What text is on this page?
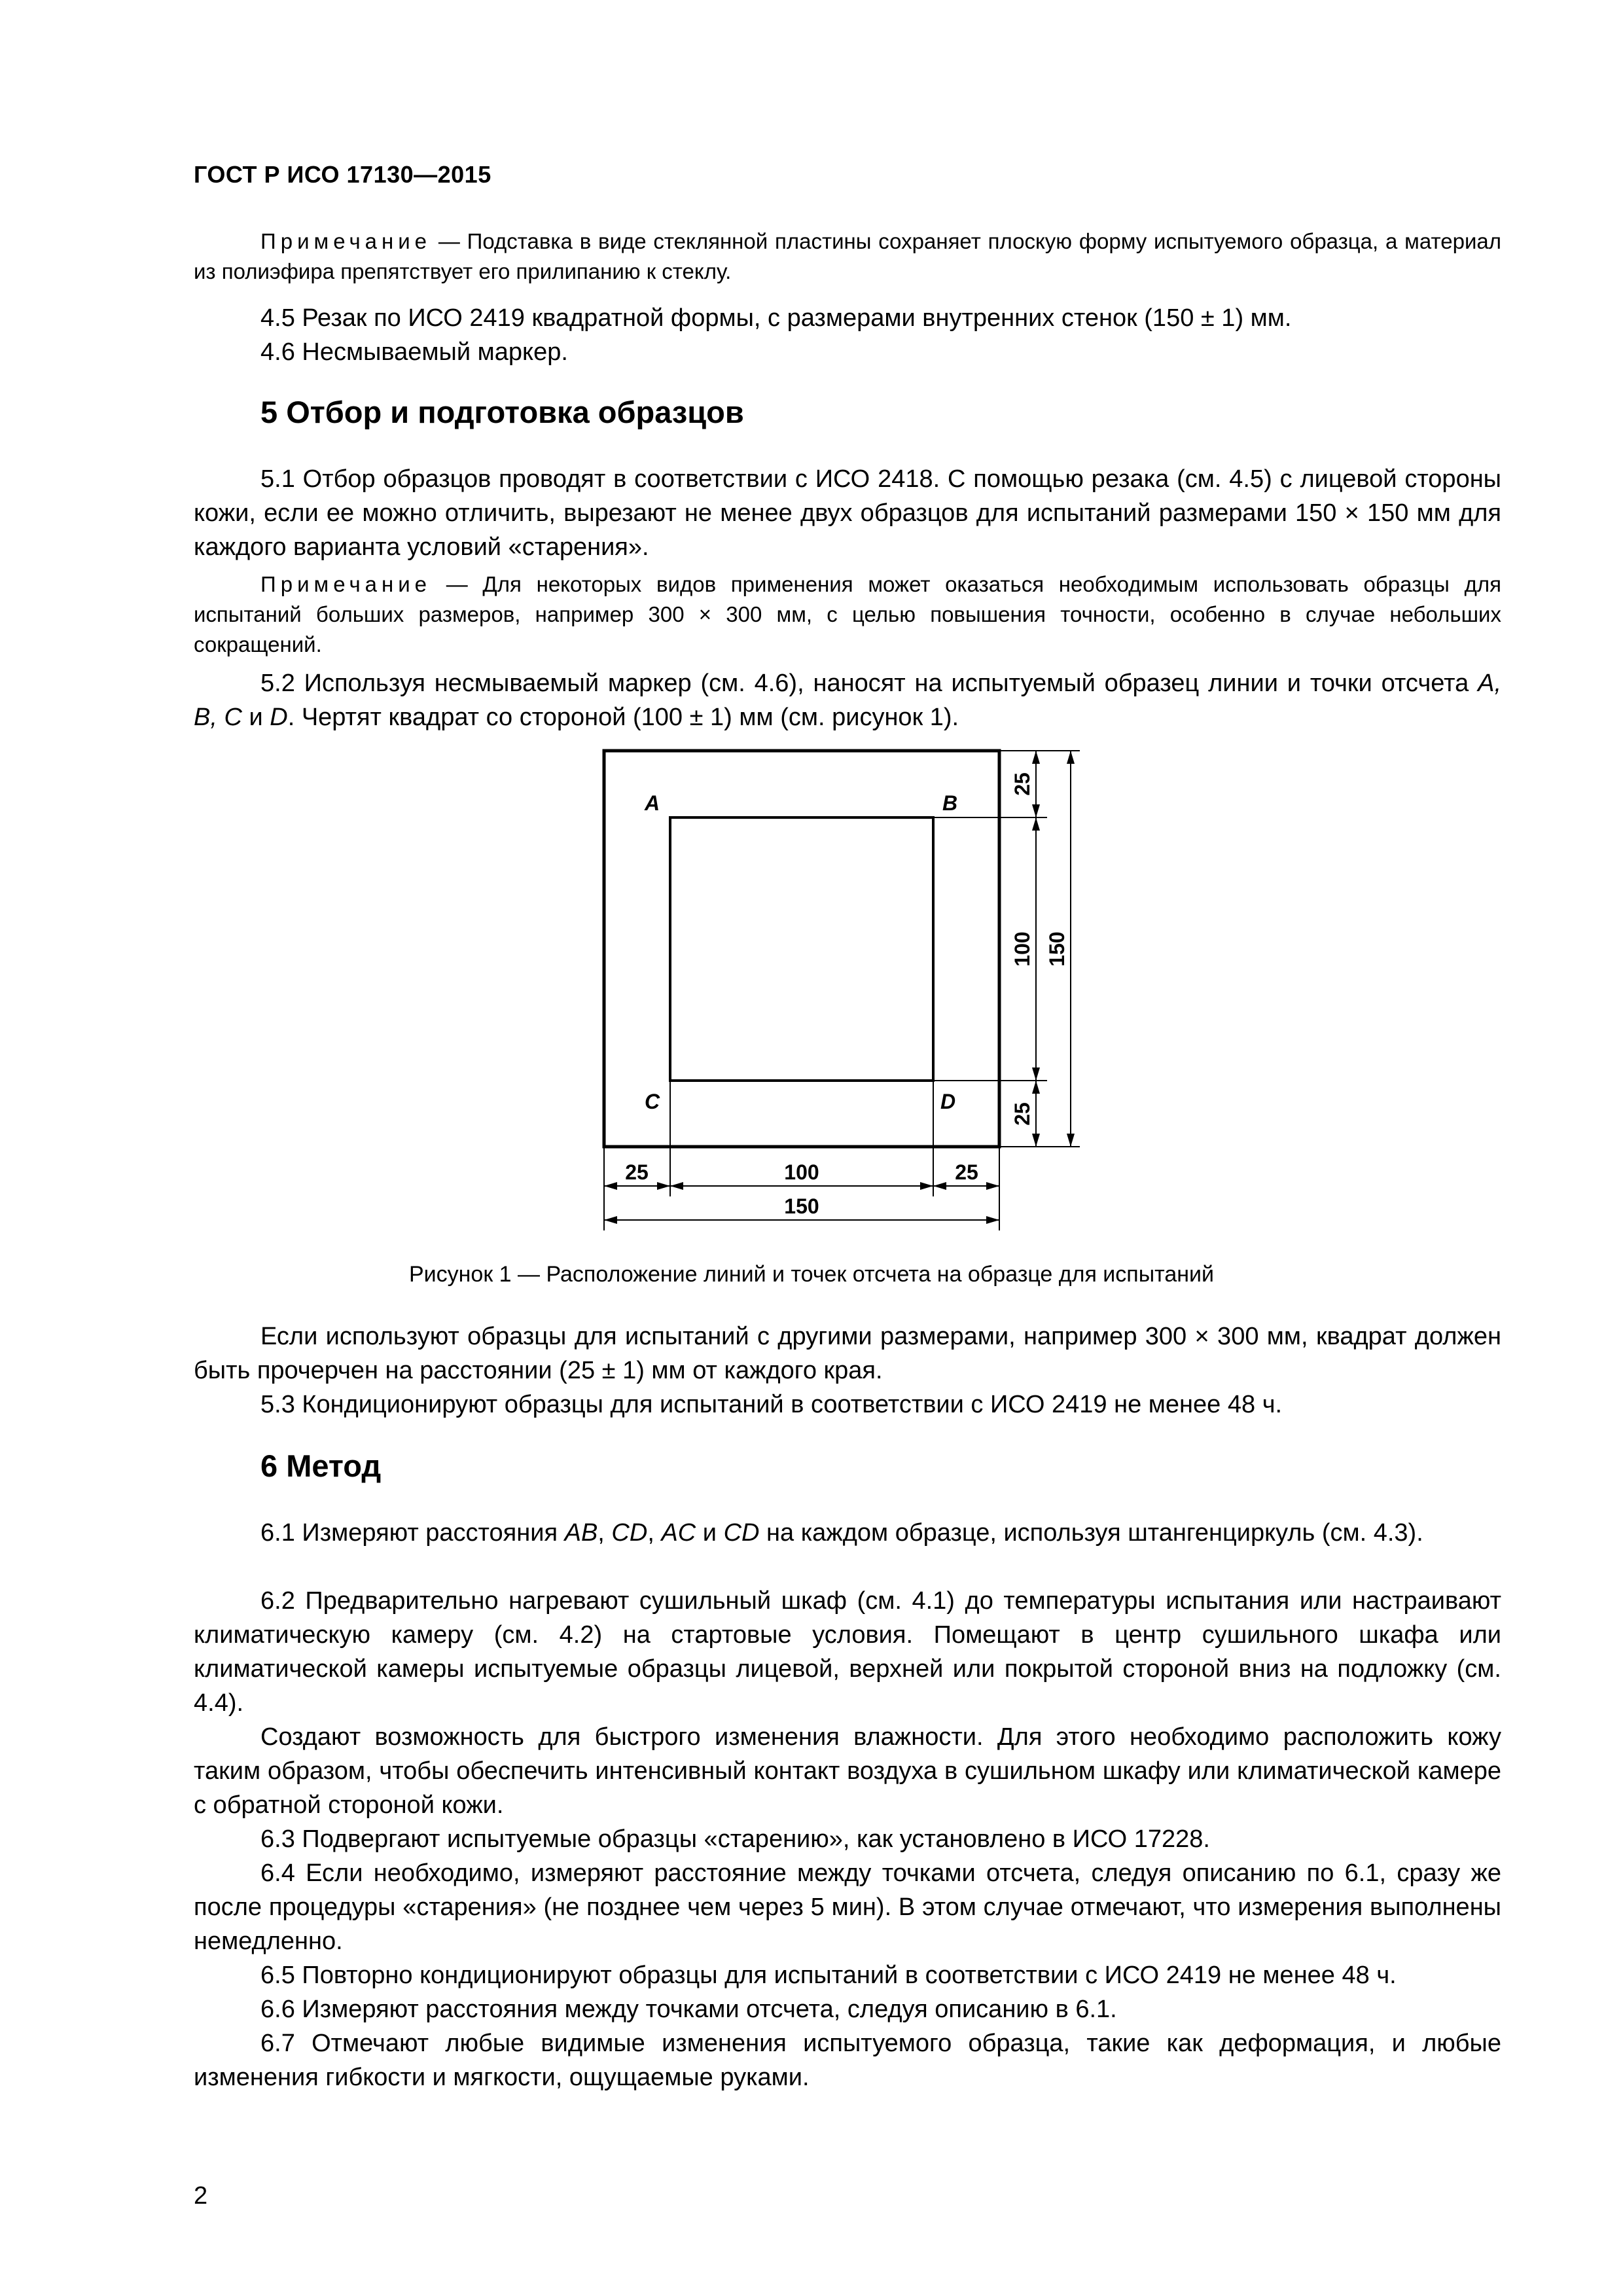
ГОСТ Р ИСО 17130—2015
Примечание — Подставка в виде стеклянной пластины сохраняет плоскую форму испытуемого образца, а материал из полиэфира препятствует его прилипанию к стеклу.
4.5 Резак по ИСО 2419 квадратной формы, с размерами внутренних стенок (150 ± 1) мм.
4.6 Несмываемый маркер.
5 Отбор и подготовка образцов
5.1 Отбор образцов проводят в соответствии с ИСО 2418. С помощью резака (см. 4.5) с лицевой стороны кожи, если ее можно отличить, вырезают не менее двух образцов для испытаний размерами 150 × 150 мм для каждого варианта условий «старения».
Примечание — Для некоторых видов применения может оказаться необходимым использовать образцы для испытаний больших размеров, например 300 × 300 мм, с целью повышения точности, особенно в случае небольших сокращений.
5.2 Используя несмываемый маркер (см. 4.6), наносят на испытуемый образец линии и точки отсчета A, B, C и D. Чертят квадрат со стороной (100 ± 1) мм (см. рисунок 1).
A	B
C	D
25
100 150
25
25	100	25
150
Рисунок 1 — Расположение линий и точек отсчета на образце для испытаний
Если используют образцы для испытаний с другими размерами, например 300 × 300 мм, квадрат должен быть прочерчен на расстоянии (25 ± 1) мм от каждого края.
5.3 Кондиционируют образцы для испытаний в соответствии с ИСО 2419 не менее 48 ч.
6 Метод
6.1 Измеряют расстояния AB, CD, AC и CD на каждом образце, используя штангенциркуль (см. 4.3).
6.2 Предварительно нагревают сушильный шкаф (см. 4.1) до температуры испытания или настраивают климатическую камеру (см. 4.2) на стартовые условия. Помещают в центр сушильного шкафа или климатической камеры испытуемые образцы лицевой, верхней или покрытой стороной вниз на подложку (см. 4.4).
Создают возможность для быстрого изменения влажности. Для этого необходимо расположить кожу таким образом, чтобы обеспечить интенсивный контакт воздуха в сушильном шкафу или климатической камере с обратной стороной кожи.
6.3 Подвергают испытуемые образцы «старению», как установлено в ИСО 17228.
6.4 Если необходимо, измеряют расстояние между точками отсчета, следуя описанию по 6.1, сразу же после процедуры «старения» (не позднее чем через 5 мин). В этом случае отмечают, что измерения выполнены немедленно.
6.5 Повторно кондиционируют образцы для испытаний в соответствии с ИСО 2419 не менее 48 ч.
6.6 Измеряют расстояния между точками отсчета, следуя описанию в 6.1.
6.7 Отмечают любые видимые изменения испытуемого образца, такие как деформация, и любые изменения гибкости и мягкости, ощущаемые руками.
2
